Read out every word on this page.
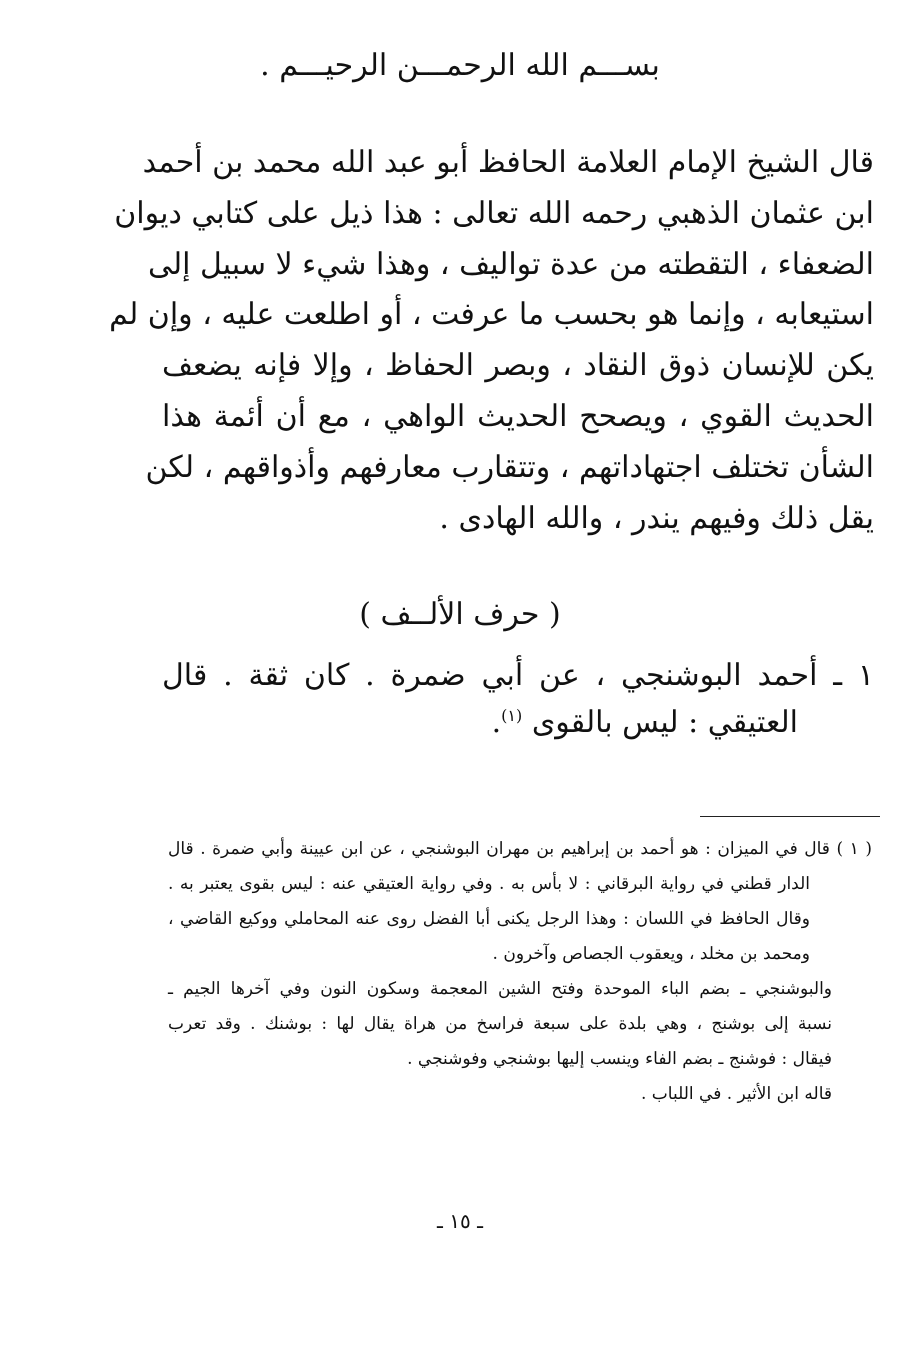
بســـم الله الرحمـــن الرحيـــم .
قال الشيخ الإمام العلامة الحافظ أبو عبد الله محمد بن أحمد
ابن عثمان الذهبي رحمه الله تعالى : هذا ذيل على كتابي ديوان
الضعفاء ، التقطته من عدة تواليف ، وهذا شيء لا سبيل إلى
استيعابه ، وإنما هو بحسب ما عرفت ، أو اطلعت عليه ، وإن لم
يكن للإنسان ذوق النقاد ، وبصر الحفاظ ، وإلا فإنه يضعف
الحديث القوي ، ويصحح الحديث الواهي ، مع أن أئمة هذا
الشأن تختلف اجتهاداتهم ، وتتقارب معارفهم وأذواقهم ، لكن
يقل ذلك وفيهم يندر ، والله الهادى .
( حرف الألــف )
١ ـ أحمد البوشنجي ، عن أبي ضمرة . كان ثقة . قال
العتيقي : ليس بالقوى $^{(١)}$.
( ١ ) قال في الميزان : هو أحمد بن إبراهيم بن مهران البوشنجي ، عن ابن عيينة وأبي ضمرة . قال
الدار قطني في رواية البرقاني : لا بأس به . وفي رواية العتيقي عنه : ليس بقوى يعتبر به .
وقال الحافظ في اللسان : وهذا الرجل يكنى أبا الفضل روى عنه المحاملي ووكيع القاضي ،
ومحمد بن مخلد ، ويعقوب الجصاص وآخرون .
والبوشنجي ـ بضم الباء الموحدة وفتح الشين المعجمة وسكون النون وفي آخرها الجيم ـ
نسبة إلى بوشنج ، وهي بلدة على سبعة فراسخ من هراة يقال لها : بوشنك . وقد تعرب
فيقال : فوشنج ـ بضم الفاء وينسب إليها بوشنجي وفوشنجي .
قاله ابن الأثير . في اللباب .
ـ ١٥ ـ
